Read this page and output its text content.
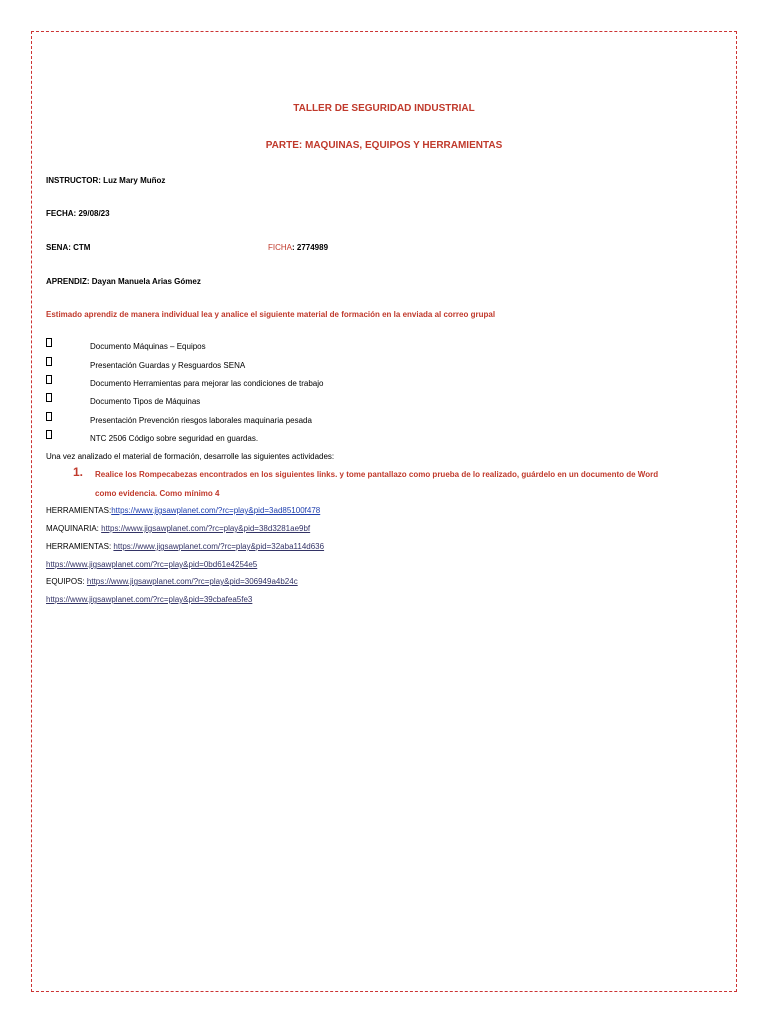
TALLER DE SEGURIDAD INDUSTRIAL
PARTE: MAQUINAS, EQUIPOS Y HERRAMIENTAS
INSTRUCTOR: Luz Mary Muñoz
FECHA: 29/08/23
SENA: CTM	FICHA: 2774989
APRENDIZ: Dayan Manuela Arias Gómez
Estimado aprendiz de manera individual lea y analice el siguiente material de formación en la enviada al correo grupal
Documento Máquinas – Equipos
Presentación Guardas y Resguardos SENA
Documento Herramientas para mejorar las condiciones de trabajo
Documento Tipos de Máquinas
Presentación Prevención riesgos laborales maquinaria pesada
NTC 2506 Código sobre seguridad en guardas.
Una vez analizado el material de formación, desarrolle las siguientes actividades:
1. Realice los Rompecabezas encontrados en los siguientes links. y tome pantallazo como prueba de lo realizado, guárdelo en un documento de Word
como evidencia. Como mínimo 4
HERRAMIENTAS:https://www.jigsawplanet.com/?rc=play&pid=3ad85100f478
MAQUINARIA: https://www.jigsawplanet.com/?rc=play&pid=38d3281ae9bf
HERRAMIENTAS: https://www.jigsawplanet.com/?rc=play&pid=32aba114d636
https://www.jigsawplanet.com/?rc=play&pid=0bd61e4254e5
EQUIPOS: https://www.jigsawplanet.com/?rc=play&pid=306949a4b24c
https://www.jigsawplanet.com/?rc=play&pid=39cbafea5fe3
